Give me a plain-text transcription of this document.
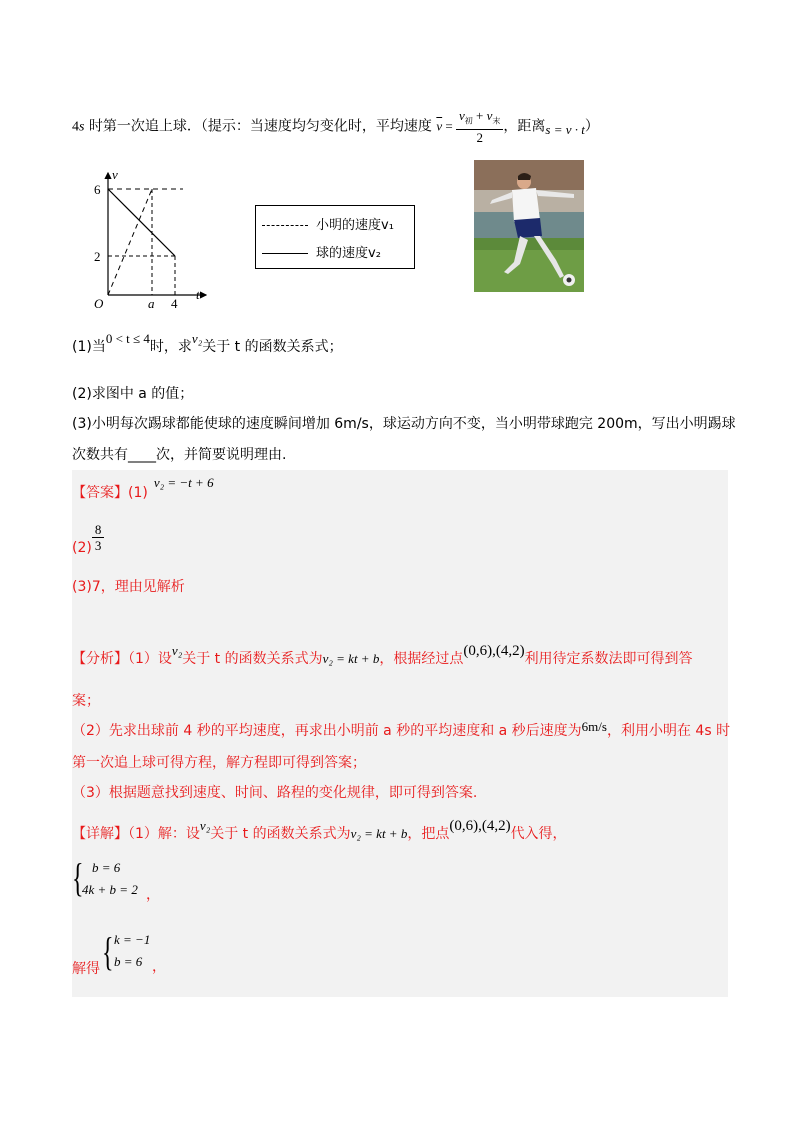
4s 时第一次追上球．（提示：当速度均匀变化时，平均速度 $\overline{v} = \frac{v_初 + v_末}{2}$ ，距离s = v · t）
v
t
O
6
2
a 4
小明的速度v₁
球的速度v₂
(1)当0 < t ≤ 4时，求v₂关于 t 的函数关系式；
(2)求图中 a 的值；
(3)小明每次踢球都能使球的速度瞬间增加 6m/s，球运动方向不变，当小明带球跑完 200m，写出小明踢球
次数共有____次，并简要说明理由.
【答案】(1)v₂ = −t + 6
$(2) \frac{8}{3}$
(3)7，理由见解析
【分析】（1）设v₂关于 t 的函数关系式为v₂ = kt + b，根据经过点(0,6),(4,2)利用待定系数法即可得到答
案；
（2）先求出球前 4 秒的平均速度，再求出小明前 a 秒的平均速度和 a 秒后速度为6m/s，利用小明在 4s 时
第一次追上球可得方程，解方程即可得到答案；
（3）根据题意找到速度、时间、路程的变化规律，即可得到答案.
【详解】（1）解：设v₂关于 t 的函数关系式为v₂ = kt + b，把点(0,6),(4,2)代入得，
{ b = 6
4k + b = 2 ，
解得 { k = −1
b = 6 ，
